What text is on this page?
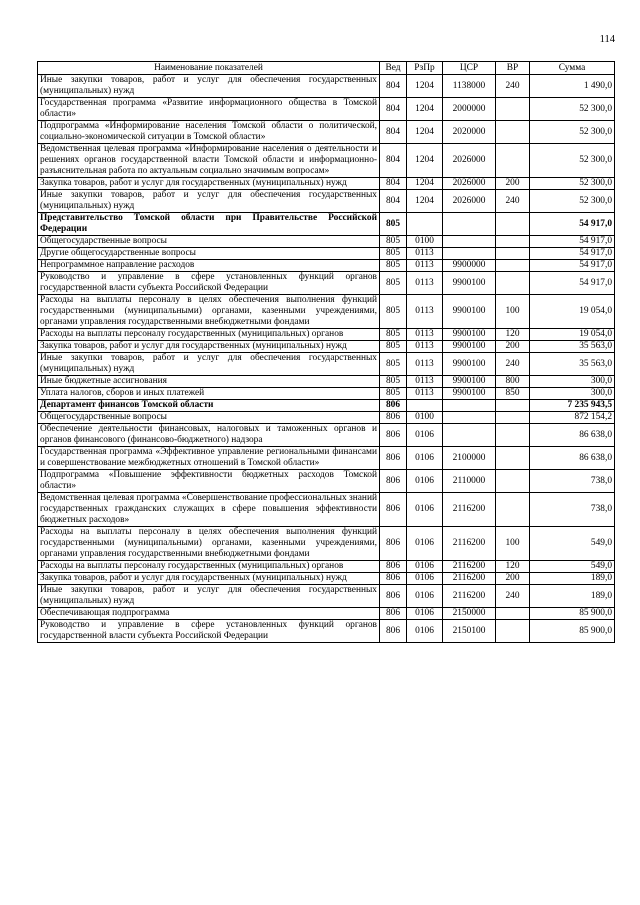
114
Наименование показателей	Вед	РзПр	ЦСР	ВР	Сумма
Иные закупки товаров, работ и услуг для обеспечения государственных (муниципальных) нужд	804	1204	1138000	240	1 490,0
Государственная программа «Развитие информационного общества в Томской области»	804	1204	2000000		52 300,0
Подпрограмма «Информирование населения Томской области о политической, социально-экономической ситуации в Томской области»	804	1204	2020000		52 300,0
Ведомственная целевая программа «Информирование населения о деятельности и решениях органов государственной власти Томской области и информационно-разъяснительная работа по актуальным социально значимым вопросам»	804	1204	2026000		52 300,0
Закупка товаров, работ и услуг для государственных (муниципальных) нужд	804	1204	2026000	200	52 300,0
Иные закупки товаров, работ и услуг для обеспечения государственных (муниципальных) нужд	804	1204	2026000	240	52 300,0
Представительство Томской области при Правительстве Российской Федерации	805				54 917,0
Общегосударственные вопросы	805	0100			54 917,0
Другие общегосударственные вопросы	805	0113			54 917,0
Непрограммное направление расходов	805	0113	9900000		54 917,0
Руководство и управление в сфере установленных функций органов государственной власти субъекта Российской Федерации	805	0113	9900100		54 917,0
Расходы на выплаты персоналу в целях обеспечения выполнения функций государственными (муниципальными) органами, казенными учреждениями, органами управления государственными внебюджетными фондами	805	0113	9900100	100	19 054,0
Расходы на выплаты персоналу государственных (муниципальных) органов	805	0113	9900100	120	19 054,0
Закупка товаров, работ и услуг для государственных (муниципальных) нужд	805	0113	9900100	200	35 563,0
Иные закупки товаров, работ и услуг для обеспечения государственных (муниципальных) нужд	805	0113	9900100	240	35 563,0
Иные бюджетные ассигнования	805	0113	9900100	800	300,0
Уплата налогов, сборов и иных платежей	805	0113	9900100	850	300,0
Департамент финансов Томской области	806				7 235 943,5
Общегосударственные вопросы	806	0100			872 154,2
Обеспечение деятельности финансовых, налоговых и таможенных органов и органов финансового (финансово-бюджетного) надзора	806	0106			86 638,0
Государственная программа «Эффективное управление региональными финансами и совершенствование межбюджетных отношений в Томской области»	806	0106	2100000		86 638,0
Подпрограмма «Повышение эффективности бюджетных расходов Томской области»	806	0106	2110000		738,0
Ведомственная целевая программа «Совершенствование профессиональных знаний государственных гражданских служащих в сфере повышения эффективности бюджетных расходов»	806	0106	2116200		738,0
Расходы на выплаты персоналу в целях обеспечения выполнения функций государственными (муниципальными) органами, казенными учреждениями, органами управления государственными внебюджетными фондами	806	0106	2116200	100	549,0
Расходы на выплаты персоналу государственных (муниципальных) органов	806	0106	2116200	120	549,0
Закупка товаров, работ и услуг для государственных (муниципальных) нужд	806	0106	2116200	200	189,0
Иные закупки товаров, работ и услуг для обеспечения государственных (муниципальных) нужд	806	0106	2116200	240	189,0
Обеспечивающая подпрограмма	806	0106	2150000		85 900,0
Руководство и управление в сфере установленных функций органов государственной власти субъекта Российской Федерации	806	0106	2150100		85 900,0
